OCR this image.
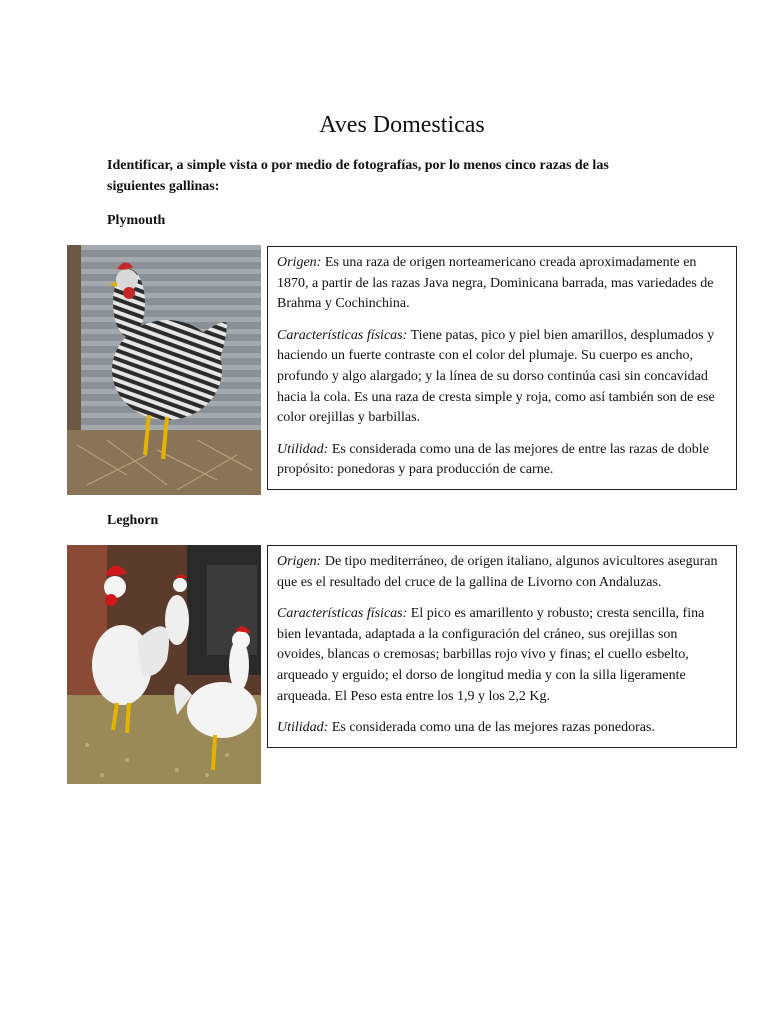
Aves Domesticas
Identificar, a simple vista o por medio de fotografías, por lo menos cinco razas de las siguientes gallinas:
Plymouth

Origen: Es una raza de origen norteamericano creada aproximadamente en 1870, a partir de las razas Java negra, Dominicana barrada, mas variedades de Brahma y Cochinchina.

Características físicas: Tiene patas, pico y piel bien amarillos, desplumados y haciendo un fuerte contraste con el color del plumaje. Su cuerpo es ancho, profundo y algo alargado; y la línea de su dorso continúa casi sin concavidad hacia la cola. Es una raza de cresta simple y roja, como así también son de ese color orejillas y barbillas.

Utilidad: Es considerada como una de las mejores de entre las razas de doble propósito: ponedoras y para producción de carne.

Leghorn

Origen: De tipo mediterráneo, de origen italiano, algunos avicultores aseguran que es el resultado del cruce de la gallina de Livorno con Andaluzas.

Características físicas: El pico es amarillento y robusto; cresta sencilla, fina bien levantada, adaptada a la configuración del cráneo, sus orejillas son ovoides, blancas o cremosas; barbillas rojo vivo y finas; el cuello esbelto, arqueado y erguido; el dorso de longitud media y con la silla ligeramente arqueada. El Peso esta entre los 1,9 y los 2,2 Kg.

Utilidad: Es considerada como una de las mejores razas ponedoras.
